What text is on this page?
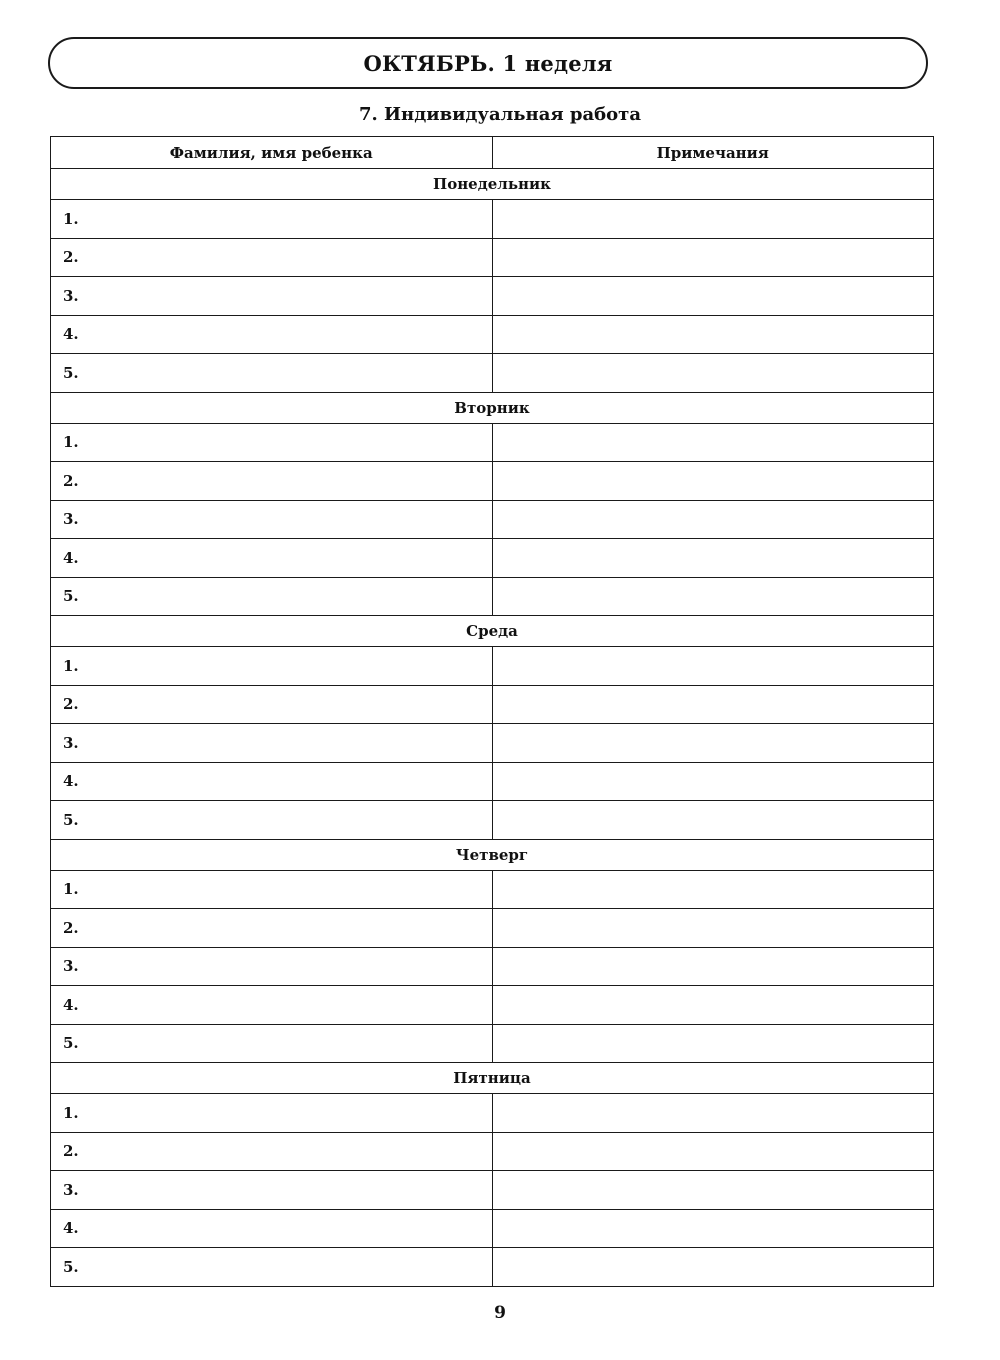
ОКТЯБРЬ. 1 неделя
7. Индивидуальная работа
Фамилия, имя ребенка	Примечания
Понедельник	
1.	
2.	
3.	
4.	
5.	
Вторник	
1.	
2.	
3.	
4.	
5.	
Среда	
1.	
2.	
3.	
4.	
5.	
Четверг	
1.	
2.	
3.	
4.	
5.	
Пятница	
1.	
2.	
3.	
4.	
5.	
9
